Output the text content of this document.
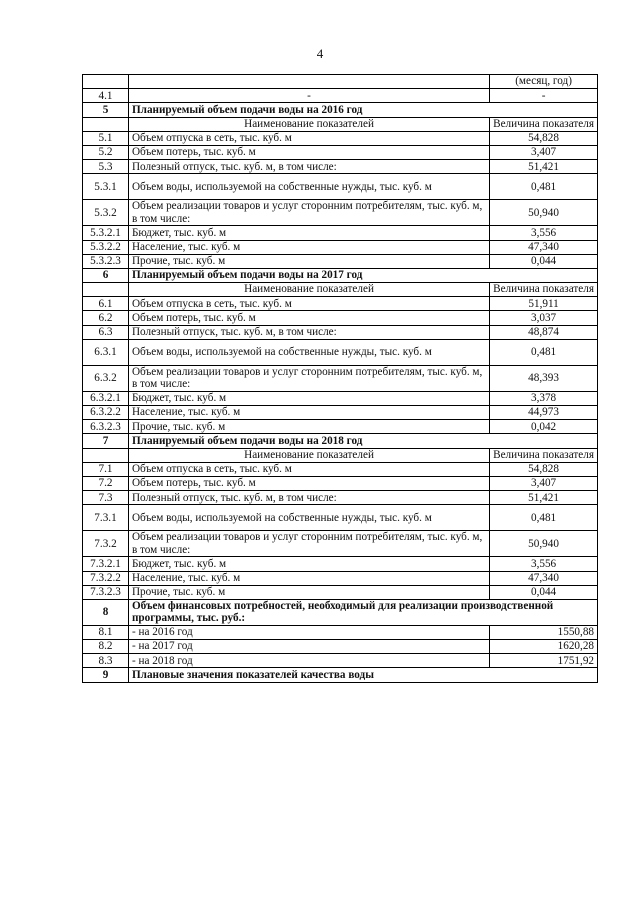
4
		(месяц, год)
4.1	-	-
5	Планируемый объем подачи воды на 2016 год	
	Наименование показателей	Величина показателя
5.1	Объем отпуска в сеть, тыс. куб. м	54,828
5.2	Объем потерь, тыс. куб. м	3,407
5.3	Полезный отпуск, тыс. куб. м, в том числе:	51,421
5.3.1	Объем воды, используемой на собственные нужды, тыс. куб. м	0,481
5.3.2	Объем реализации товаров и услуг сторонним потребителям, тыс. куб. м, в том числе:	50,940
5.3.2.1	Бюджет, тыс. куб. м	3,556
5.3.2.2	Население, тыс. куб. м	47,340
5.3.2.3	Прочие, тыс. куб. м	0,044
6	Планируемый объем подачи воды на 2017 год	
	Наименование показателей	Величина показателя
6.1	Объем отпуска в сеть, тыс. куб. м	51,911
6.2	Объем потерь, тыс. куб. м	3,037
6.3	Полезный отпуск, тыс. куб. м, в том числе:	48,874
6.3.1	Объем воды, используемой на собственные нужды, тыс. куб. м	0,481
6.3.2	Объем реализации товаров и услуг сторонним потребителям, тыс. куб. м, в том числе:	48,393
6.3.2.1	Бюджет, тыс. куб. м	3,378
6.3.2.2	Население, тыс. куб. м	44,973
6.3.2.3	Прочие, тыс. куб. м	0,042
7	Планируемый объем подачи воды на 2018 год	
	Наименование показателей	Величина показателя
7.1	Объем отпуска в сеть, тыс. куб. м	54,828
7.2	Объем потерь, тыс. куб. м	3,407
7.3	Полезный отпуск, тыс. куб. м, в том числе:	51,421
7.3.1	Объем воды, используемой на собственные нужды, тыс. куб. м	0,481
7.3.2	Объем реализации товаров и услуг сторонним потребителям, тыс. куб. м, в том числе:	50,940
7.3.2.1	Бюджет, тыс. куб. м	3,556
7.3.2.2	Население, тыс. куб. м	47,340
7.3.2.3	Прочие, тыс. куб. м	0,044
8	Объем финансовых потребностей, необходимый для реализации производственной программы, тыс. руб.:	
8.1	- на 2016 год	1550,88
8.2	- на 2017 год	1620,28
8.3	- на 2018 год	1751,92
9	Плановые значения показателей качества воды	
